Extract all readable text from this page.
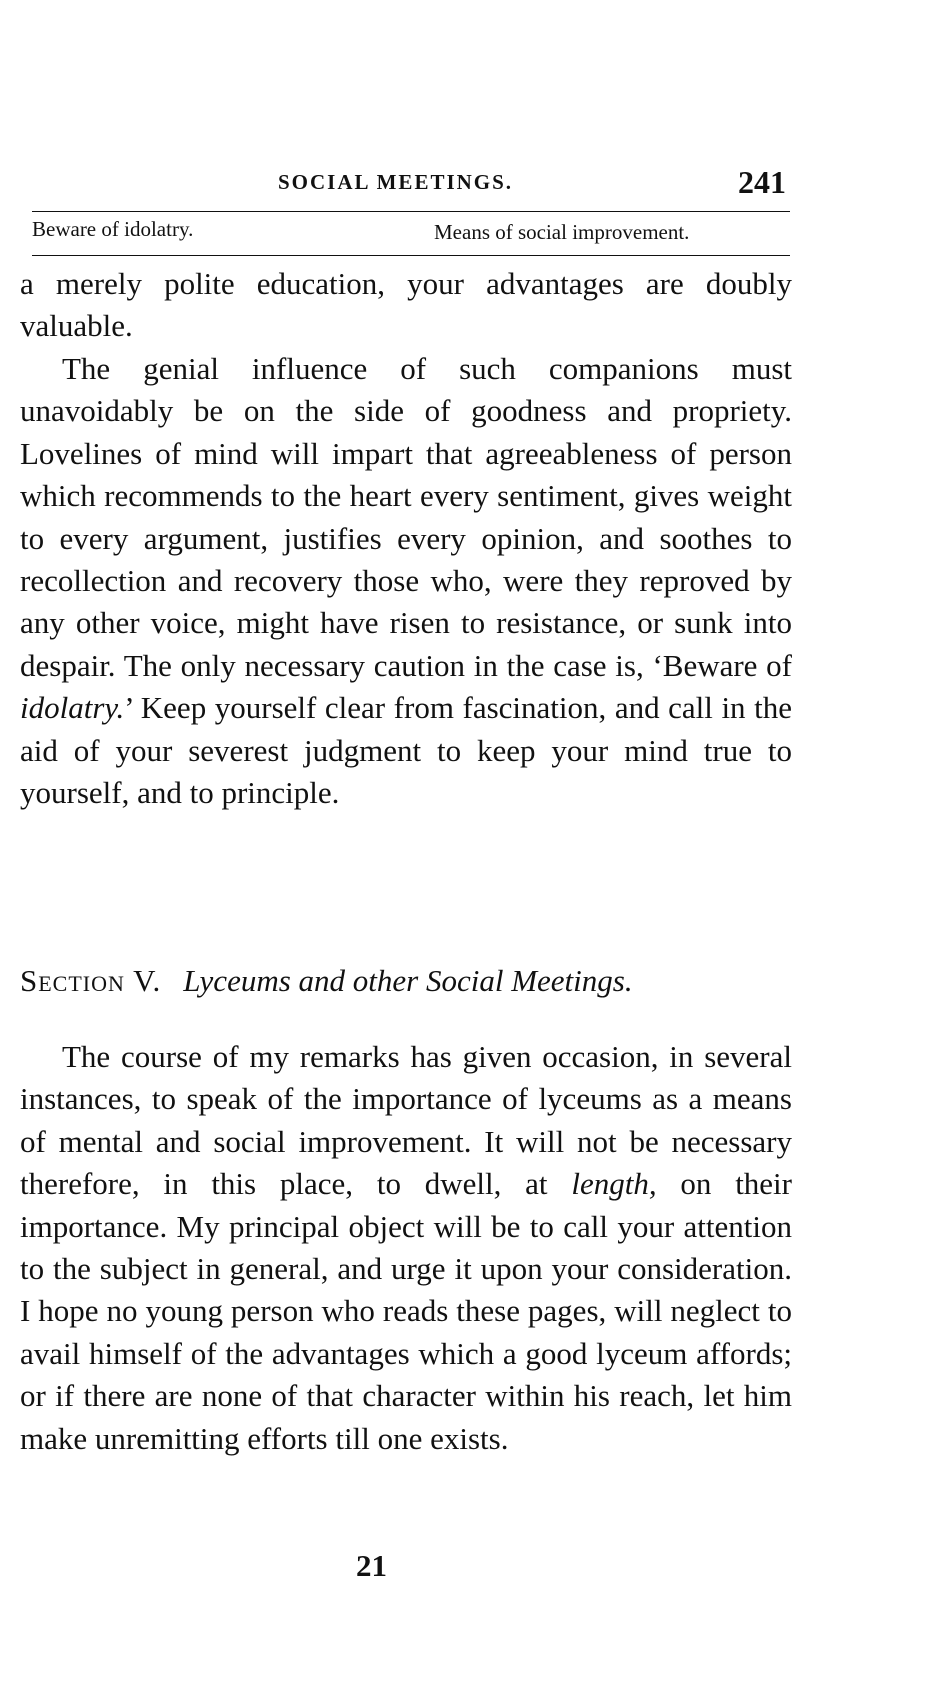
SOCIAL MEETINGS.	241
Beware of idolatry.	Means of social improvement.

a merely polite education, your advantages are doubly valuable.

The genial influence of such companions must unavoidably be on the side of goodness and propriety. Lovelines of mind will impart that agreeableness of person which recommends to the heart every sentiment, gives weight to every argument, justifies every opinion, and soothes to recollection and recovery those who, were they reproved by any other voice, might have risen to resistance, or sunk into despair. The only necessary caution in the case is, ‘Beware of idolatry.’ Keep yourself clear from fascination, and call in the aid of your severest judgment to keep your mind true to yourself, and to principle.

Section V. Lyceums and other Social Meetings.

The course of my remarks has given occasion, in several instances, to speak of the importance of lyceums as a means of mental and social improvement. It will not be necessary therefore, in this place, to dwell, at length, on their importance. My principal object will be to call your attention to the subject in general, and urge it upon your consideration. I hope no young person who reads these pages, will neglect to avail himself of the advantages which a good lyceum affords; or if there are none of that character within his reach, let him make unremitting efforts till one exists.

21
